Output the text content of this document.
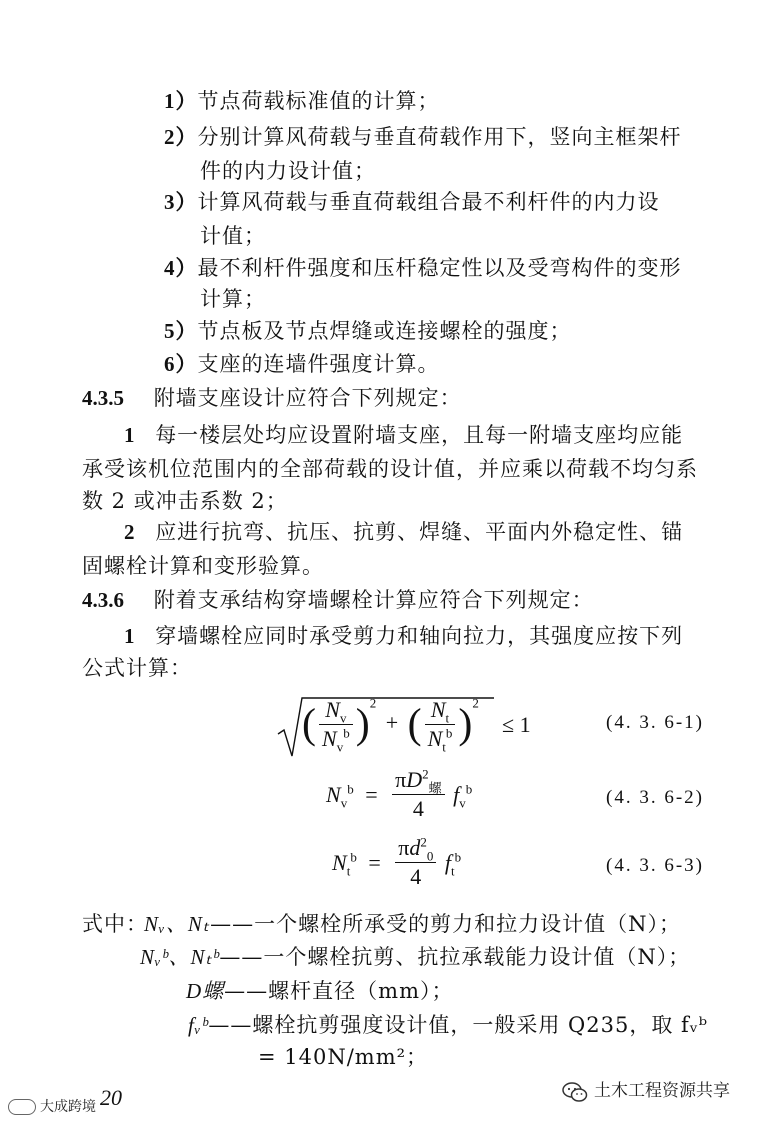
1）节点荷载标准值的计算；
2）分别计算风荷载与垂直荷载作用下，竖向主框架杆
件的内力设计值；
3）计算风荷载与垂直荷载组合最不利杆件的内力设
计值；
4）最不利杆件强度和压杆稳定性以及受弯构件的变形
计算；
5）节点板及节点焊缝或连接螺栓的强度；
6）支座的连墙件强度计算。
4.3.5 附墙支座设计应符合下列规定：
1 每一楼层处均应设置附墙支座，且每一附墙支座均应能
承受该机位范围内的全部荷载的设计值，并应乘以荷载不均匀系
数 2 或冲击系数 2；
2 应进行抗弯、抗压、抗剪、焊缝、平面内外稳定性、锚
固螺栓计算和变形验算。
4.3.6 附着支承结构穿墙螺栓计算应符合下列规定：
1 穿墙螺栓应同时承受剪力和轴向拉力，其强度应按下列
公式计算：
( $\frac{N_v}{N_v^b} )^2$ + ( $\frac{N_t}{N_t^b} )^2$
≤ 1	(4. 3. 6-1)
$N_v^b = \frac{\pi D^2_螺}{4} f_v^b$	(4. 3. 6-2)
$N_t^b = \frac{\pi d^2_0}{4} f_t^b$	(4. 3. 6-3)
式中：
Nᵥ、Nₜ——一个螺栓所承受的剪力和拉力设计值（N）；
Nᵥᵇ、Nₜᵇ——一个螺栓抗剪、抗拉承载能力设计值（N）；
D螺——螺杆直径（mm）；
fᵥᵇ——螺栓抗剪强度设计值，一般采用 Q235，取 fᵥᵇ
= 140N/mm²；
20
大成跨境
土木工程资源共享
